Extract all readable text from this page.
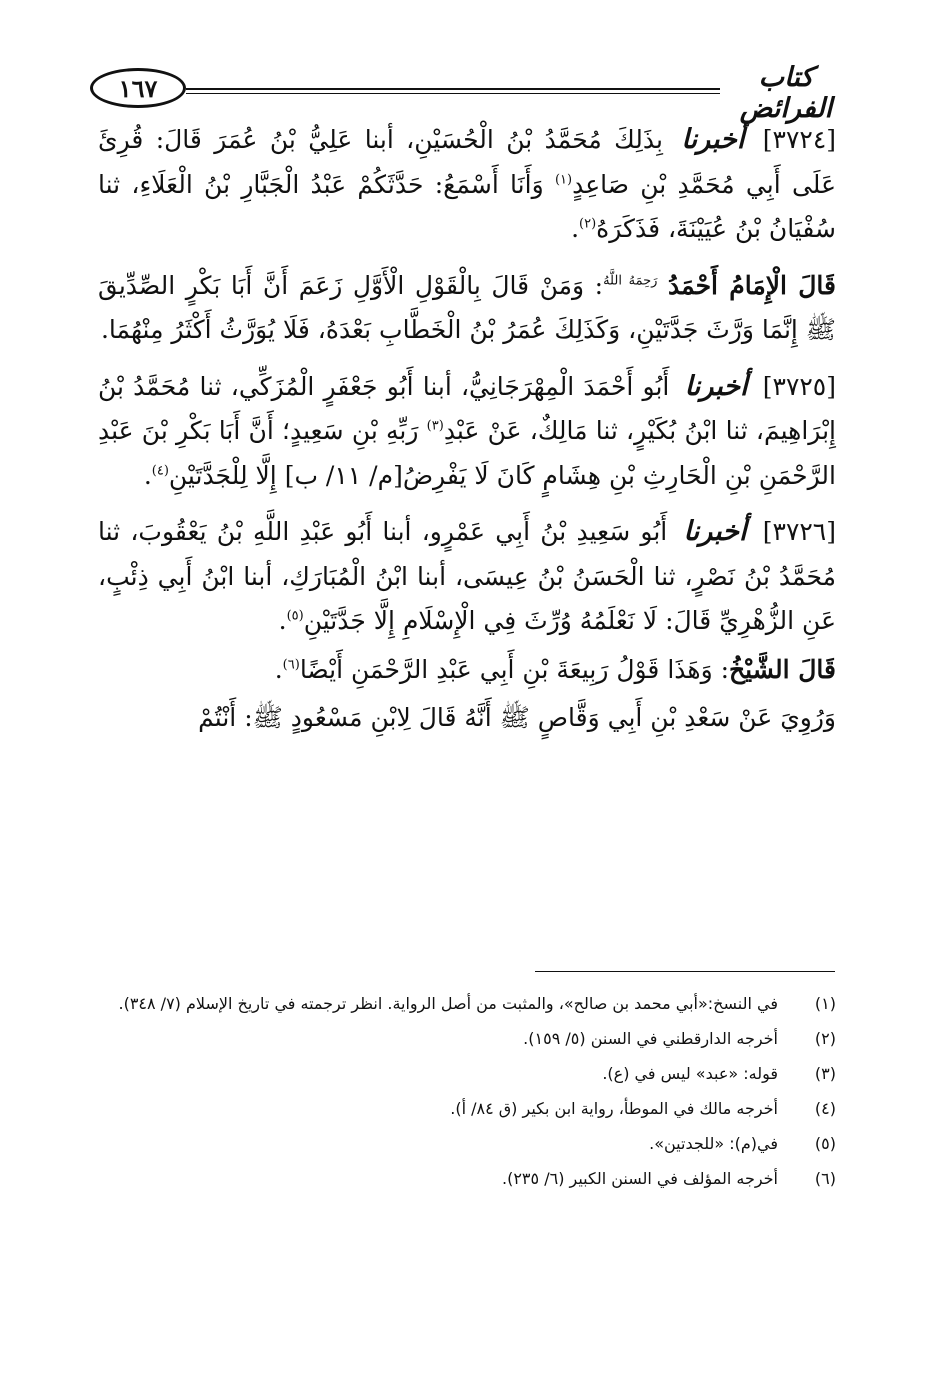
١٦٧	كتاب الفرائض

[٣٧٢٤] أخبرنا بِذَلِكَ مُحَمَّدُ بْنُ الْحُسَيْنِ، أبنا عَلِيُّ بْنُ عُمَرَ قَالَ: قُرِئَ عَلَى أَبِي مُحَمَّدِ بْنِ صَاعِدٍ$^{(١)}$ وَأَنَا أَسْمَعُ: حَدَّثَكُمْ عَبْدُ الْجَبَّارِ بْنُ الْعَلَاءِ، ثنا سُفْيَانُ بْنُ عُيَيْنَةَ، فَذَكَرَهُ$^{(٢)}$.

قَالَ الْإِمَامُ أَحْمَدُ $^{رَحِمَهُ اللَّهُ}$: وَمَنْ قَالَ بِالْقَوْلِ الْأَوَّلِ زَعَمَ أَنَّ أَبَا بَكْرٍ الصِّدِّيقَ ﷺ إِنَّمَا وَرَّثَ جَدَّتَيْنِ، وَكَذَلِكَ عُمَرُ بْنُ الْخَطَّابِ بَعْدَهُ، فَلَا يُوَرَّثُ أَكْثَرُ مِنْهُمَا.

[٣٧٢٥] أخبرنا أَبُو أَحْمَدَ الْمِهْرَجَانِيُّ، أبنا أَبُو جَعْفَرٍ الْمُزَكِّي، ثنا مُحَمَّدُ بْنُ إِبْرَاهِيمَ، ثنا ابْنُ بُكَيْرٍ، ثنا مَالِكٌ، عَنْ عَبْدِ$^{(٣)}$ رَبِّهِ بْنِ سَعِيدٍ؛ أَنَّ أَبَا بَكْرِ بْنَ عَبْدِ الرَّحْمَنِ بْنِ الْحَارِثِ بْنِ هِشَامٍ كَانَ لَا يَفْرِضُ[م/ ١١/ ب] إِلَّا لِلْجَدَّتَيْنِ$^{(٤)}$.

[٣٧٢٦] أخبرنا أَبُو سَعِيدِ بْنُ أَبِي عَمْرٍو، أبنا أَبُو عَبْدِ اللَّهِ بْنُ يَعْقُوبَ، ثنا مُحَمَّدُ بْنُ نَصْرٍ، ثنا الْحَسَنُ بْنُ عِيسَى، أبنا ابْنُ الْمُبَارَكِ، أبنا ابْنُ أَبِي ذِئْبٍ، عَنِ الزُّهْرِيِّ قَالَ: لَا نَعْلَمُهُ وُرِّثَ فِي الْإِسْلَامِ إِلَّا جَدَّتَيْنِ$^{(٥)}$.

قَالَ الشَّيْخُ: وَهَذَا قَوْلُ رَبِيعَةَ بْنِ أَبِي عَبْدِ الرَّحْمَنِ أَيْضًا$^{(٦)}$.

وَرُوِيَ عَنْ سَعْدِ بْنِ أَبِي وَقَّاصٍ ﷺ أَنَّهُ قَالَ لِابْنِ مَسْعُودٍ ﷺ: أَنْتُمْ

(١)
في النسخ:«أبي محمد بن صالح»، والمثبت من أصل الرواية. انظر ترجمته في تاريخ الإسلام (٧/ ٣٤٨).
(٢)
أخرجه الدارقطني في السنن (٥/ ١٥٩).
(٣)
قوله: «عبد» ليس في (ع).
(٤)
أخرجه مالك في الموطأ، رواية ابن بكير (ق ٨٤/ أ).
(٥)
في(م): «للجدتين».
(٦)
أخرجه المؤلف في السنن الكبير (٦/ ٢٣٥).
